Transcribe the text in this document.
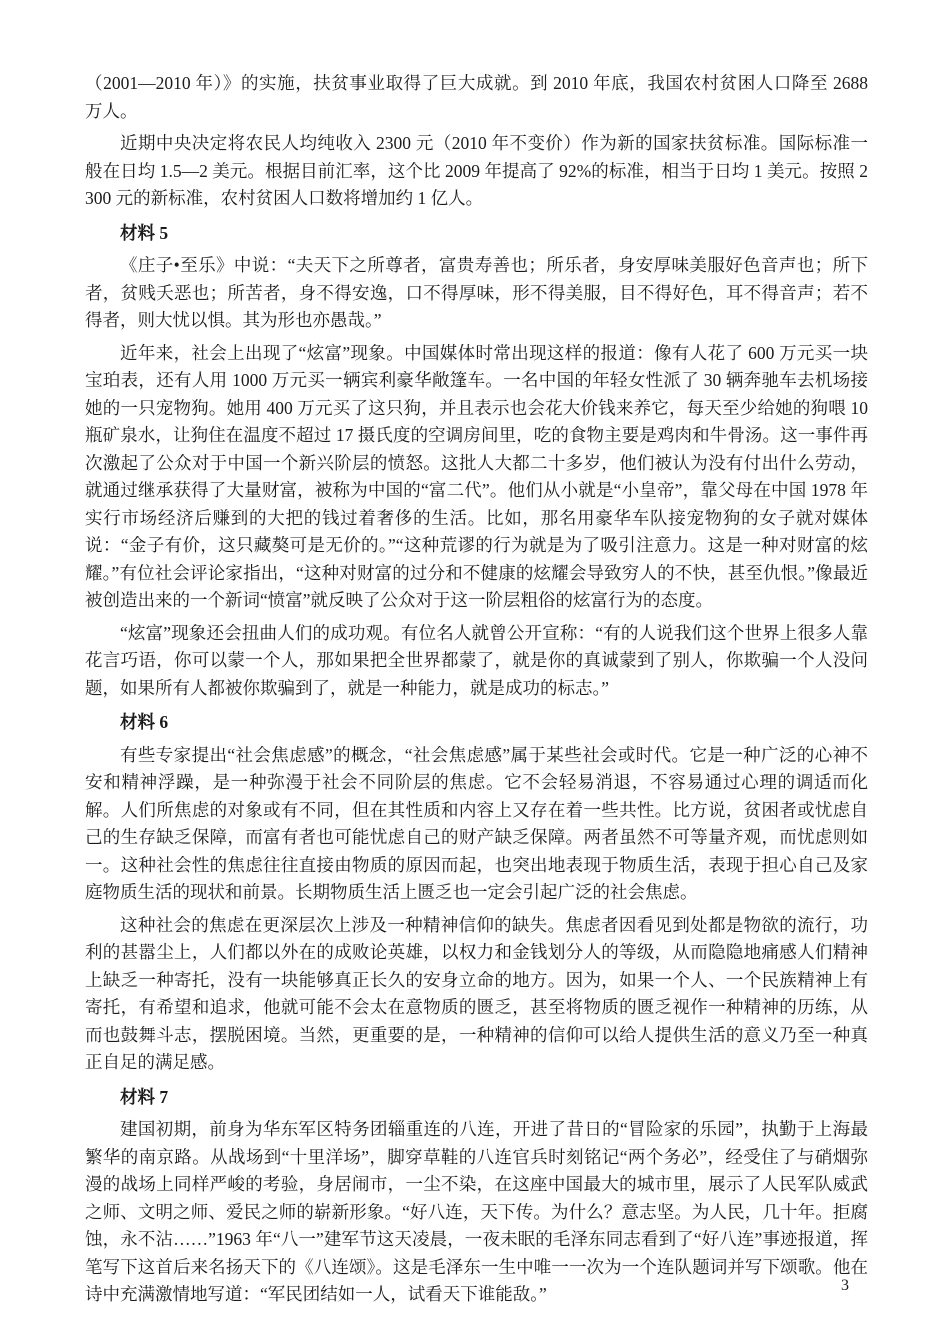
（2001—2010 年）》的实施，扶贫事业取得了巨大成就。到 2010 年底，我国农村贫困人口降至 2688 万人。

近期中央决定将农民人均纯收入 2300 元（2010 年不变价）作为新的国家扶贫标准。国际标准一般在日均 1.5—2 美元。根据目前汇率，这个比 2009 年提高了 92%的标准，相当于日均 1 美元。按照 2300 元的新标准，农村贫困人口数将增加约 1 亿人。

材料 5

《庄子•至乐》中说：“夫天下之所尊者，富贵寿善也；所乐者，身安厚味美服好色音声也；所下者，贫贱夭恶也；所苦者，身不得安逸，口不得厚味，形不得美服，目不得好色，耳不得音声；若不得者，则大忧以惧。其为形也亦愚哉。”

近年来，社会上出现了“炫富”现象。中国媒体时常出现这样的报道：像有人花了 600 万元买一块宝珀表，还有人用 1000 万元买一辆宾利豪华敞篷车。一名中国的年轻女性派了 30 辆奔驰车去机场接她的一只宠物狗。她用 400 万元买了这只狗，并且表示也会花大价钱来养它，每天至少给她的狗喂 10 瓶矿泉水，让狗住在温度不超过 17 摄氏度的空调房间里，吃的食物主要是鸡肉和牛骨汤。这一事件再次激起了公众对于中国一个新兴阶层的愤怒。这批人大都二十多岁，他们被认为没有付出什么劳动，就通过继承获得了大量财富，被称为中国的“富二代”。他们从小就是“小皇帝”，靠父母在中国 1978 年实行市场经济后赚到的大把的钱过着奢侈的生活。比如，那名用豪华车队接宠物狗的女子就对媒体说：“金子有价，这只藏獒可是无价的。”“这种荒谬的行为就是为了吸引注意力。这是一种对财富的炫耀。”有位社会评论家指出，“这种对财富的过分和不健康的炫耀会导致穷人的不快，甚至仇恨。”像最近被创造出来的一个新词“愤富”就反映了公众对于这一阶层粗俗的炫富行为的态度。

“炫富”现象还会扭曲人们的成功观。有位名人就曾公开宣称：“有的人说我们这个世界上很多人靠花言巧语，你可以蒙一个人，那如果把全世界都蒙了，就是你的真诚蒙到了别人，你欺骗一个人没问题，如果所有人都被你欺骗到了，就是一种能力，就是成功的标志。”

材料 6

有些专家提出“社会焦虑感”的概念，“社会焦虑感”属于某些社会或时代。它是一种广泛的心神不安和精神浮躁，是一种弥漫于社会不同阶层的焦虑。它不会轻易消退，不容易通过心理的调适而化解。人们所焦虑的对象或有不同，但在其性质和内容上又存在着一些共性。比方说，贫困者或忧虑自己的生存缺乏保障，而富有者也可能忧虑自己的财产缺乏保障。两者虽然不可等量齐观，而忧虑则如一。这种社会性的焦虑往往直接由物质的原因而起，也突出地表现于物质生活，表现于担心自己及家庭物质生活的现状和前景。长期物质生活上匮乏也一定会引起广泛的社会焦虑。

这种社会的焦虑在更深层次上涉及一种精神信仰的缺失。焦虑者因看见到处都是物欲的流行，功利的甚嚣尘上，人们都以外在的成败论英雄，以权力和金钱划分人的等级，从而隐隐地痛感人们精神上缺乏一种寄托，没有一块能够真正长久的安身立命的地方。因为，如果一个人、一个民族精神上有寄托，有希望和追求，他就可能不会太在意物质的匮乏，甚至将物质的匮乏视作一种精神的历练，从而也鼓舞斗志，摆脱困境。当然，更重要的是，一种精神的信仰可以给人提供生活的意义乃至一种真正自足的满足感。

材料 7

建国初期，前身为华东军区特务团辎重连的八连，开进了昔日的“冒险家的乐园”，执勤于上海最繁华的南京路。从战场到“十里洋场”，脚穿草鞋的八连官兵时刻铭记“两个务必”，经受住了与硝烟弥漫的战场上同样严峻的考验，身居闹市，一尘不染，在这座中国最大的城市里，展示了人民军队威武之师、文明之师、爱民之师的崭新形象。“好八连，天下传。为什么？意志坚。为人民，几十年。拒腐蚀，永不沾……”1963 年“八一”建军节这天凌晨，一夜未眠的毛泽东同志看到了“好八连”事迹报道，挥笔写下这首后来名扬天下的《八连颂》。这是毛泽东一生中唯一一次为一个连队题词并写下颂歌。他在诗中充满激情地写道：“军民团结如一人，试看天下谁能敌。”	3
